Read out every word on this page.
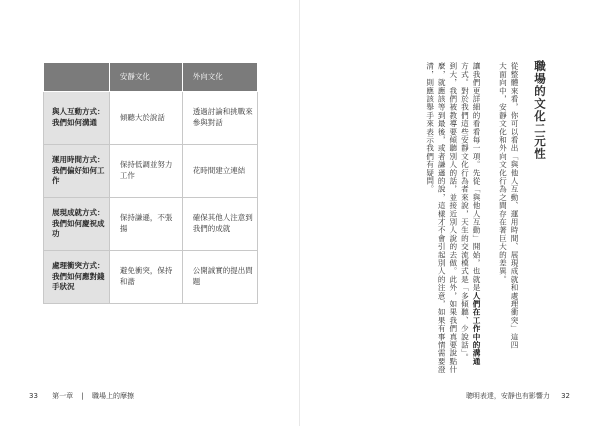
	安靜文化	外向文化
與人互動方式：我們如何溝通	傾聽大於說話	透過討論和挑戰來參與對話
運用時間方式：我們偏好如何工作	保持低調並努力工作	花時間建立連結
展現成就方式：我們如何慶祝成功	保持謙遜，不張揚	確保其他人注意到我們的成就
處理衝突方式：我們如何應對錢手狀況	避免衝突，保持和諧	公開誠實的提出問題
33 第一章 | 職場上的摩擦
職場的文化二元性
從整體來看，你可以看出「與他人互動、運用時間、展現成就和處理衝突」這四
大面向中，安靜文化和外向文化行為之間存在著巨大的差異。
讓我們更詳細的看看每一項。先從「與他人互動」開始，也就是人們在工作中的溝通
方式。對於我們這些安靜文化行為者來說，天生的交流模式是「多傾聽、少說話」。
到大，我們被教導要傾聽別人的話，並接近別人說的去做。此外，如果我們真要說點什
麼，就應該等到最後，或者謙遜的說，這樣才不會引起別人的注意，如果有事情需要澄
清，則應該舉手來表示我們有疑問。
聰明表達，安靜也有影響力 32
